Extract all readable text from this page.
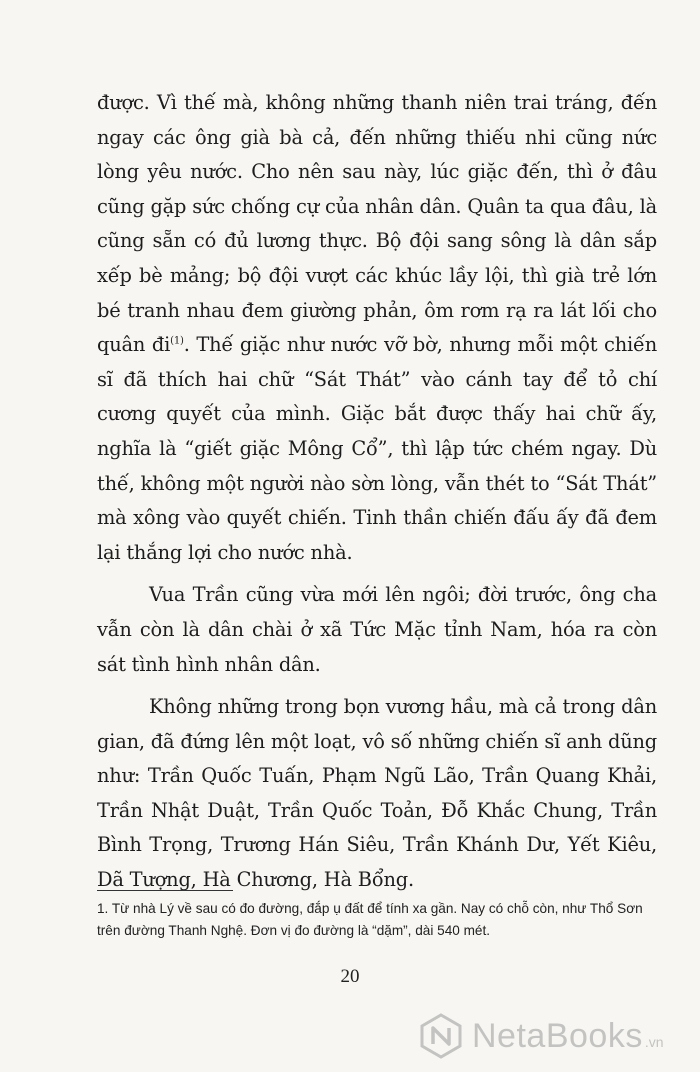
được. Vì thế mà, không những thanh niên trai tráng, đến ngay các ông già bà cả, đến những thiếu nhi cũng nức lòng yêu nước. Cho nên sau này, lúc giặc đến, thì ở đâu cũng gặp sức chống cự của nhân dân. Quân ta qua đâu, là cũng sẵn có đủ lương thực. Bộ đội sang sông là dân sắp xếp bè mảng; bộ đội vượt các khúc lầy lội, thì già trẻ lớn bé tranh nhau đem giường phản, ôm rơm rạ ra lát lối cho quân đi$^{(1)}$. Thế giặc như nước vỡ bờ, nhưng mỗi một chiến sĩ đã thích hai chữ “Sát Thát” vào cánh tay để tỏ chí cương quyết của mình. Giặc bắt được thấy hai chữ ấy, nghĩa là “giết giặc Mông Cổ”, thì lập tức chém ngay. Dù thế, không một người nào sờn lòng, vẫn thét to “Sát Thát” mà xông vào quyết chiến. Tinh thần chiến đấu ấy đã đem lại thắng lợi cho nước nhà.

Vua Trần cũng vừa mới lên ngôi; đời trước, ông cha vẫn còn là dân chài ở xã Tức Mặc tỉnh Nam, hóa ra còn sát tình hình nhân dân.

Không những trong bọn vương hầu, mà cả trong dân gian, đã đứng lên một loạt, vô số những chiến sĩ anh dũng như: Trần Quốc Tuấn, Phạm Ngũ Lão, Trần Quang Khải, Trần Nhật Duật, Trần Quốc Toản, Đỗ Khắc Chung, Trần Bình Trọng, Trương Hán Siêu, Trần Khánh Dư, Yết Kiêu, Dã Tượng, Hà Chương, Hà Bổng.

1. Từ nhà Lý về sau có đo đường, đắp ụ đất để tính xa gần. Nay có chỗ còn, như Thổ Sơn trên đường Thanh Nghệ. Đơn vị đo đường là “dặm”, dài 540 mét.
20
NetaBooks .vn
